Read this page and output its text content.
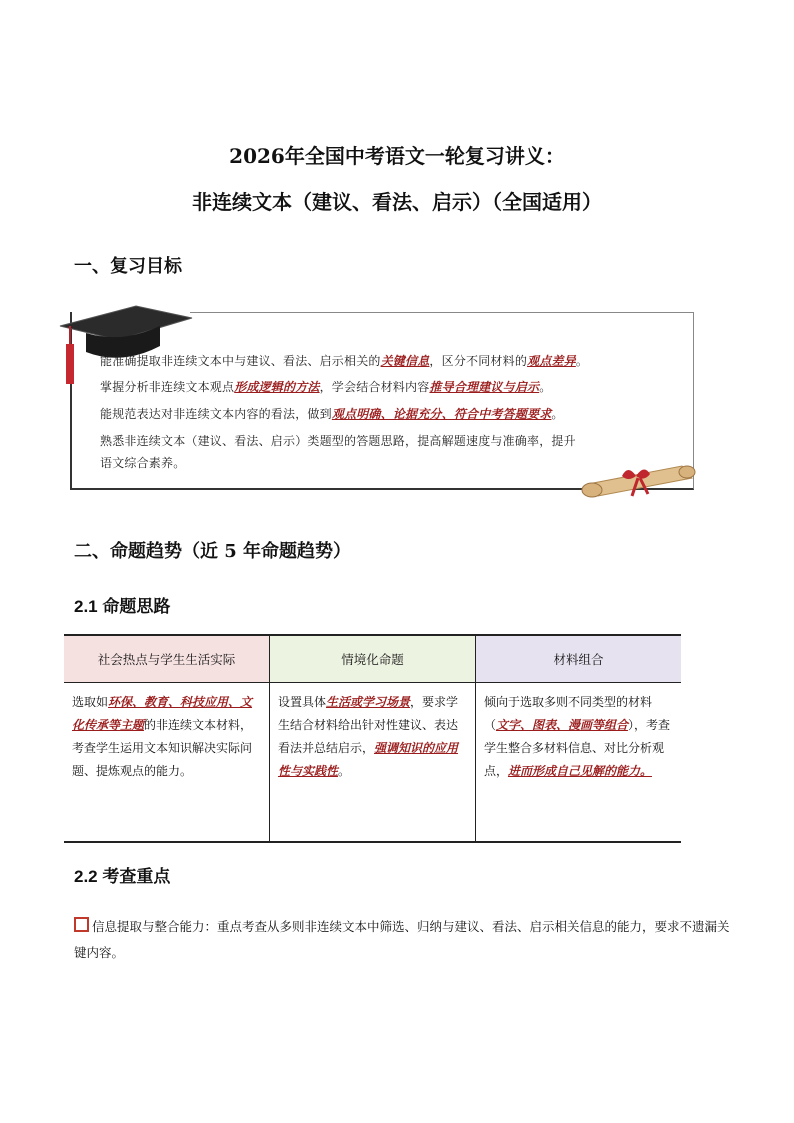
2026年全国中考语文一轮复习讲义：
非连续文本（建议、看法、启示）（全国适用）
一、复习目标
能准确提取非连续文本中与建议、看法、启示相关的关键信息，区分不同材料的观点差异。
掌握分析非连续文本观点形成逻辑的方法，学会结合材料内容推导合理建议与启示。
能规范表达对非连续文本内容的看法，做到观点明确、论据充分、符合中考答题要求。
熟悉非连续文本（建议、看法、启示）类题型的答题思路，提高解题速度与准确率，提升
语文综合素养。
二、命题趋势（近 5 年命题趋势）
2.1 命题思路
社会热点与学生生活实际	情境化命题	材料组合
选取如环保、教育、科技应用、文化传承等主题的非连续文本材料，考查学生运用文本知识解决实际问题、提炼观点的能力。	设置具体生活或学习场景，要求学生结合材料给出针对性建议、表达看法并总结启示，强调知识的应用性与实践性。	倾向于选取多则不同类型的材料（文字、图表、漫画等组合），考查学生整合多材料信息、对比分析观点，进而形成自己见解的能力。
2.2 考查重点
信息提取与整合能力：重点考查从多则非连续文本中筛选、归纳与建议、看法、启示相关信息的能力，要求不遗漏关键内容。
